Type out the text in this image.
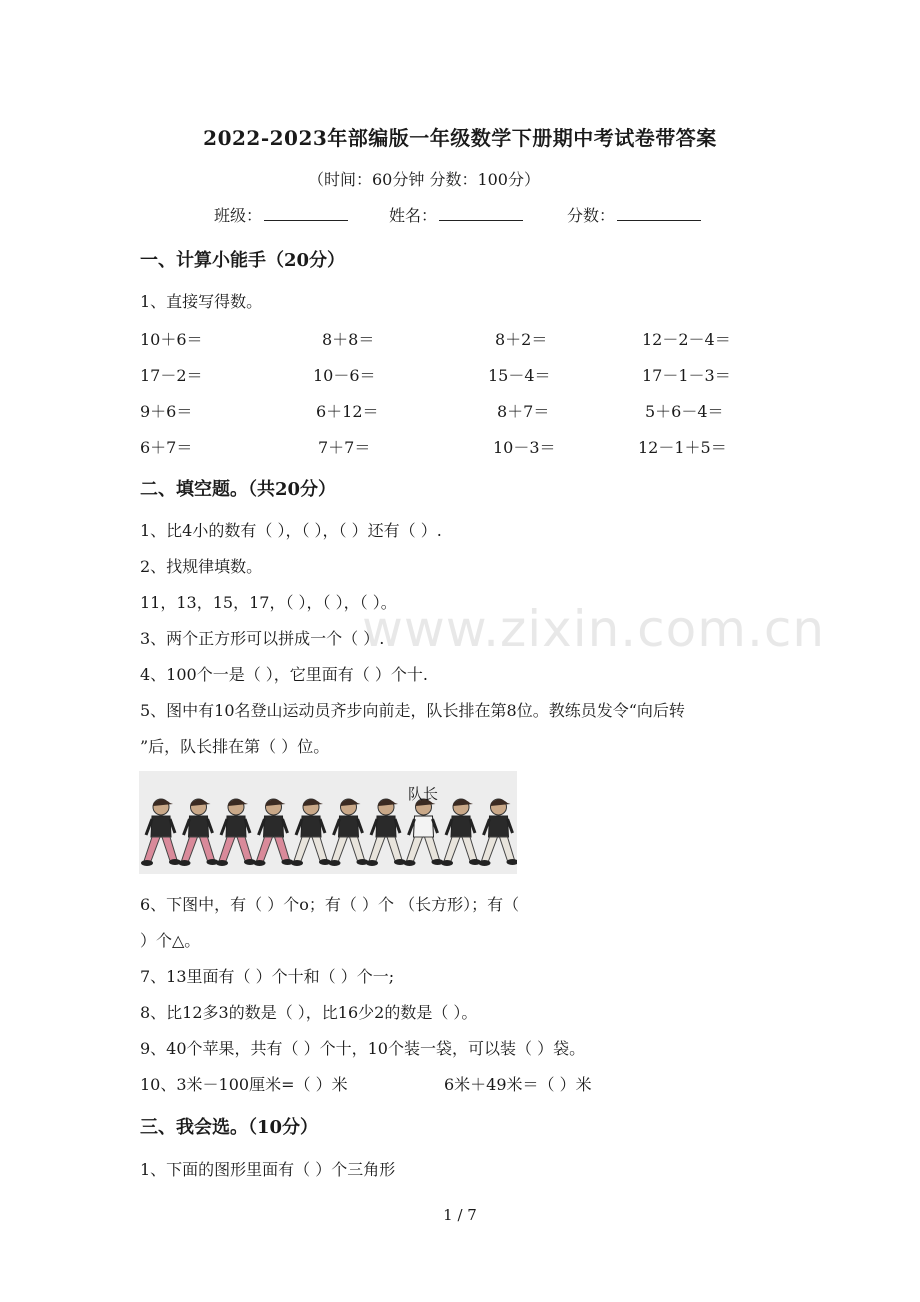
2022-2023年部编版一年级数学下册期中考试卷带答案
（时间：60分钟 分数：100分）
班级：	姓名：	分数：
一、计算小能手（20分）
1、直接写得数。
10＋6＝	8＋8＝	8＋2＝	12－2－4＝
17－2＝	10－6＝	15－4＝	17－1－3＝
9＋6＝	6＋12＝	8＋7＝	5＋6－4＝
6＋7＝	7＋7＝	10－3＝	12－1＋5＝
二、填空题。（共20分）
1、比4小的数有（ ），（ ），（ ）还有（ ）.
2、找规律填数。
11，13，15，17，（ ），（ ），（ ）。
3、两个正方形可以拼成一个（ ）.
4、100个一是（ ），它里面有（ ）个十.
5、图中有10名登山运动员齐步向前走，队长排在第8位。教练员发令“向后转
”后，队长排在第（ ）位。
队长
6、下图中，有（ ）个o；有（ ）个 （长方形）；有（
）个△。
7、13里面有（ ）个十和（ ）个一;
8、比12多3的数是（ ），比16少2的数是（ ）。
9、40个苹果，共有（ ）个十，10个装一袋，可以装（ ）袋。
10、3米－100厘米=（ ）米	6米＋49米＝（ ）米
三、我会选。（10分）
1、下面的图形里面有（ ）个三角形
www.zixin.com.cn
1 / 7
